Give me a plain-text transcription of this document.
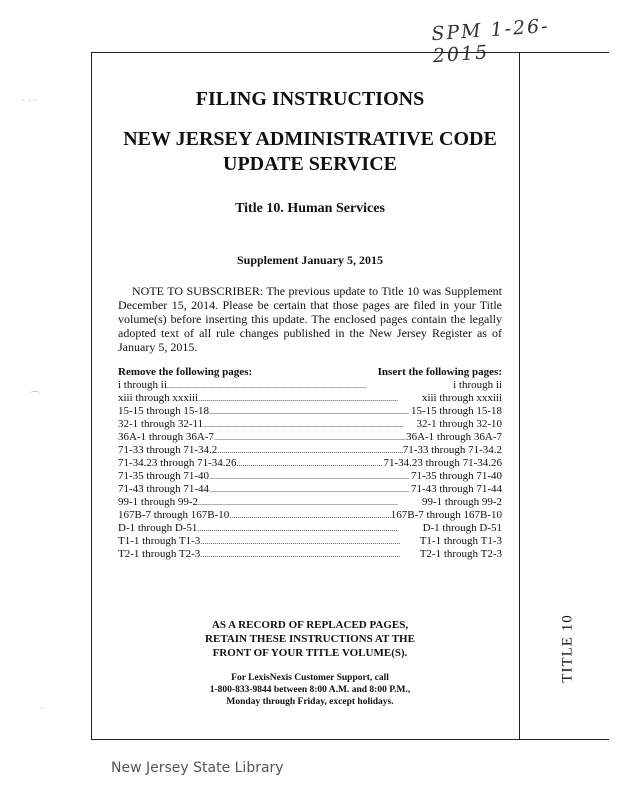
SPM 1-26-2015
· · ·
⌒
·

FILING INSTRUCTIONS

NEW JERSEY ADMINISTRATIVE CODE
UPDATE SERVICE

Title 10. Human Services

Supplement January 5, 2015

NOTE TO SUBSCRIBER: The previous update to Title 10 was Supplement December 15, 2014. Please be certain that those pages are filed in your Title volume(s) before inserting this update. The enclosed pages contain the legally adopted text of all rule changes published in the New Jersey Register as of January 5, 2015.

Remove the following pages:	Insert the following pages:
i through ii . . .	i through ii
xiii through xxxiii . . .	xiii through xxxiii
15-15 through 15-18 . . .	15-15 through 15-18
32-1 through 32-11 . . .	32-1 through 32-10
36A-1 through 36A-7 . . .	36A-1 through 36A-7
71-33 through 71-34.2 . . .	71-33 through 71-34.2
71-34.23 through 71-34.26 . . .	71-34.23 through 71-34.26
71-35 through 71-40 . . .	71-35 through 71-40
71-43 through 71-44 . . .	71-43 through 71-44
99-1 through 99-2 . . .	99-1 through 99-2
167B-7 through 167B-10 . . .	167B-7 through 167B-10
D-1 through D-51 . . .	D-1 through D-51
T1-1 through T1-3 . . .	T1-1 through T1-3
T2-1 through T2-3 . . .	T2-1 through T2-3
AS A RECORD OF REPLACED PAGES,
RETAIN THESE INSTRUCTIONS AT THE
FRONT OF YOUR TITLE VOLUME(S).
For LexisNexis Customer Support, call
1-800-833-9844 between 8:00 A.M. and 8:00 P.M.,
Monday through Friday, except holidays.
TITLE 10
New Jersey State Library
